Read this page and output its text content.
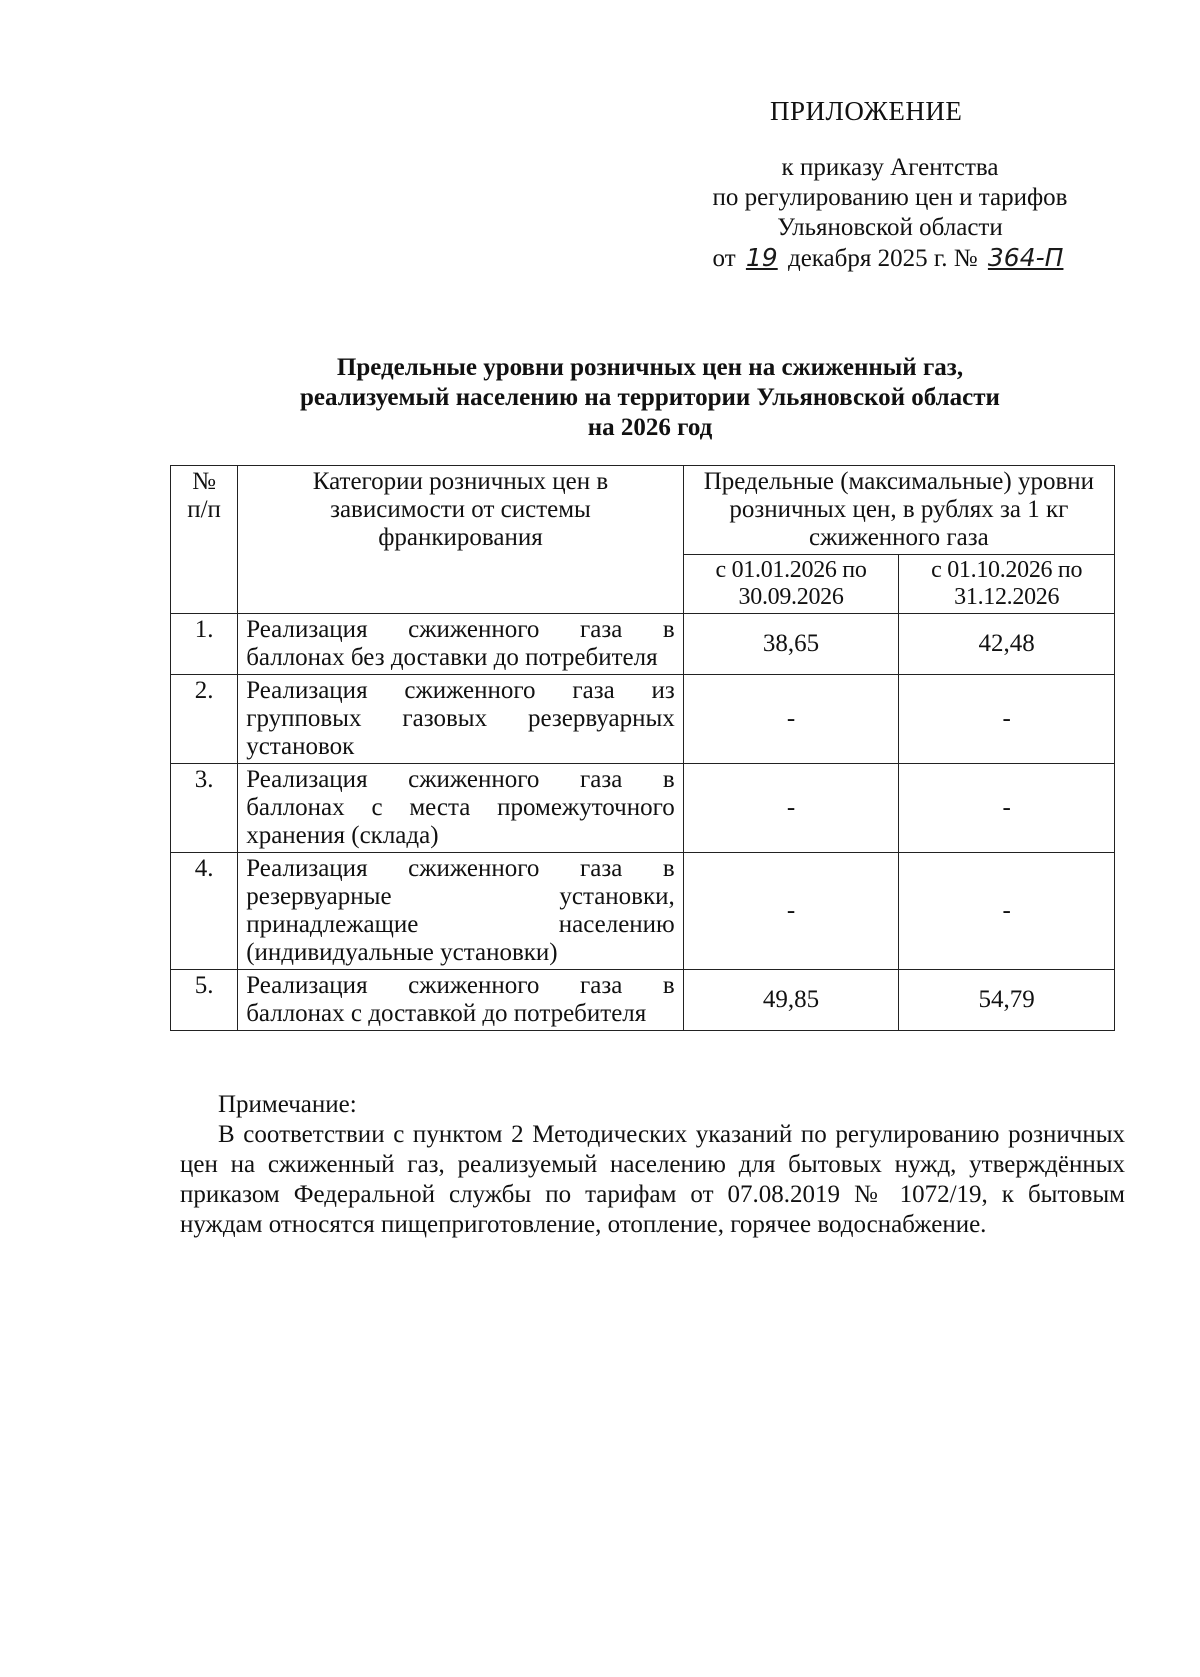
ПРИЛОЖЕНИЕ
к приказу Агентства
по регулированию цен и тарифов
Ульяновской области
от 19 декабря 2025 г. № 364-П
Предельные уровни розничных цен на сжиженный газ,
реализуемый населению на территории Ульяновской области
на 2026 год
№ п/п	Категории розничных цен в зависимости от системы франкирования	Предельные (максимальные) уровни розничных цен, в рублях за 1 кг сжиженного газа	
		с 01.01.2026 по 30.09.2026	с 01.10.2026 по 31.12.2026
1.	Реализация сжиженного газа в баллонах без доставки до потребителя	38,65	42,48
2.	Реализация сжиженного газа из групповых газовых резервуарных установок	-	-
3.	Реализация сжиженного газа в баллонах с места промежуточного хранения (склада)	-	-
4.	Реализация сжиженного газа в резервуарные установки, принадлежащие населению (индивидуальные установки)	-	-
5.	Реализация сжиженного газа в баллонах с доставкой до потребителя	49,85	54,79
Примечание:
В соответствии с пунктом 2 Методических указаний по регулированию розничных цен на сжиженный газ, реализуемый населению для бытовых нужд, утверждённых приказом Федеральной службы по тарифам от 07.08.2019 № 1072/19, к бытовым нуждам относятся пищеприготовление, отопление, горячее водоснабжение.
